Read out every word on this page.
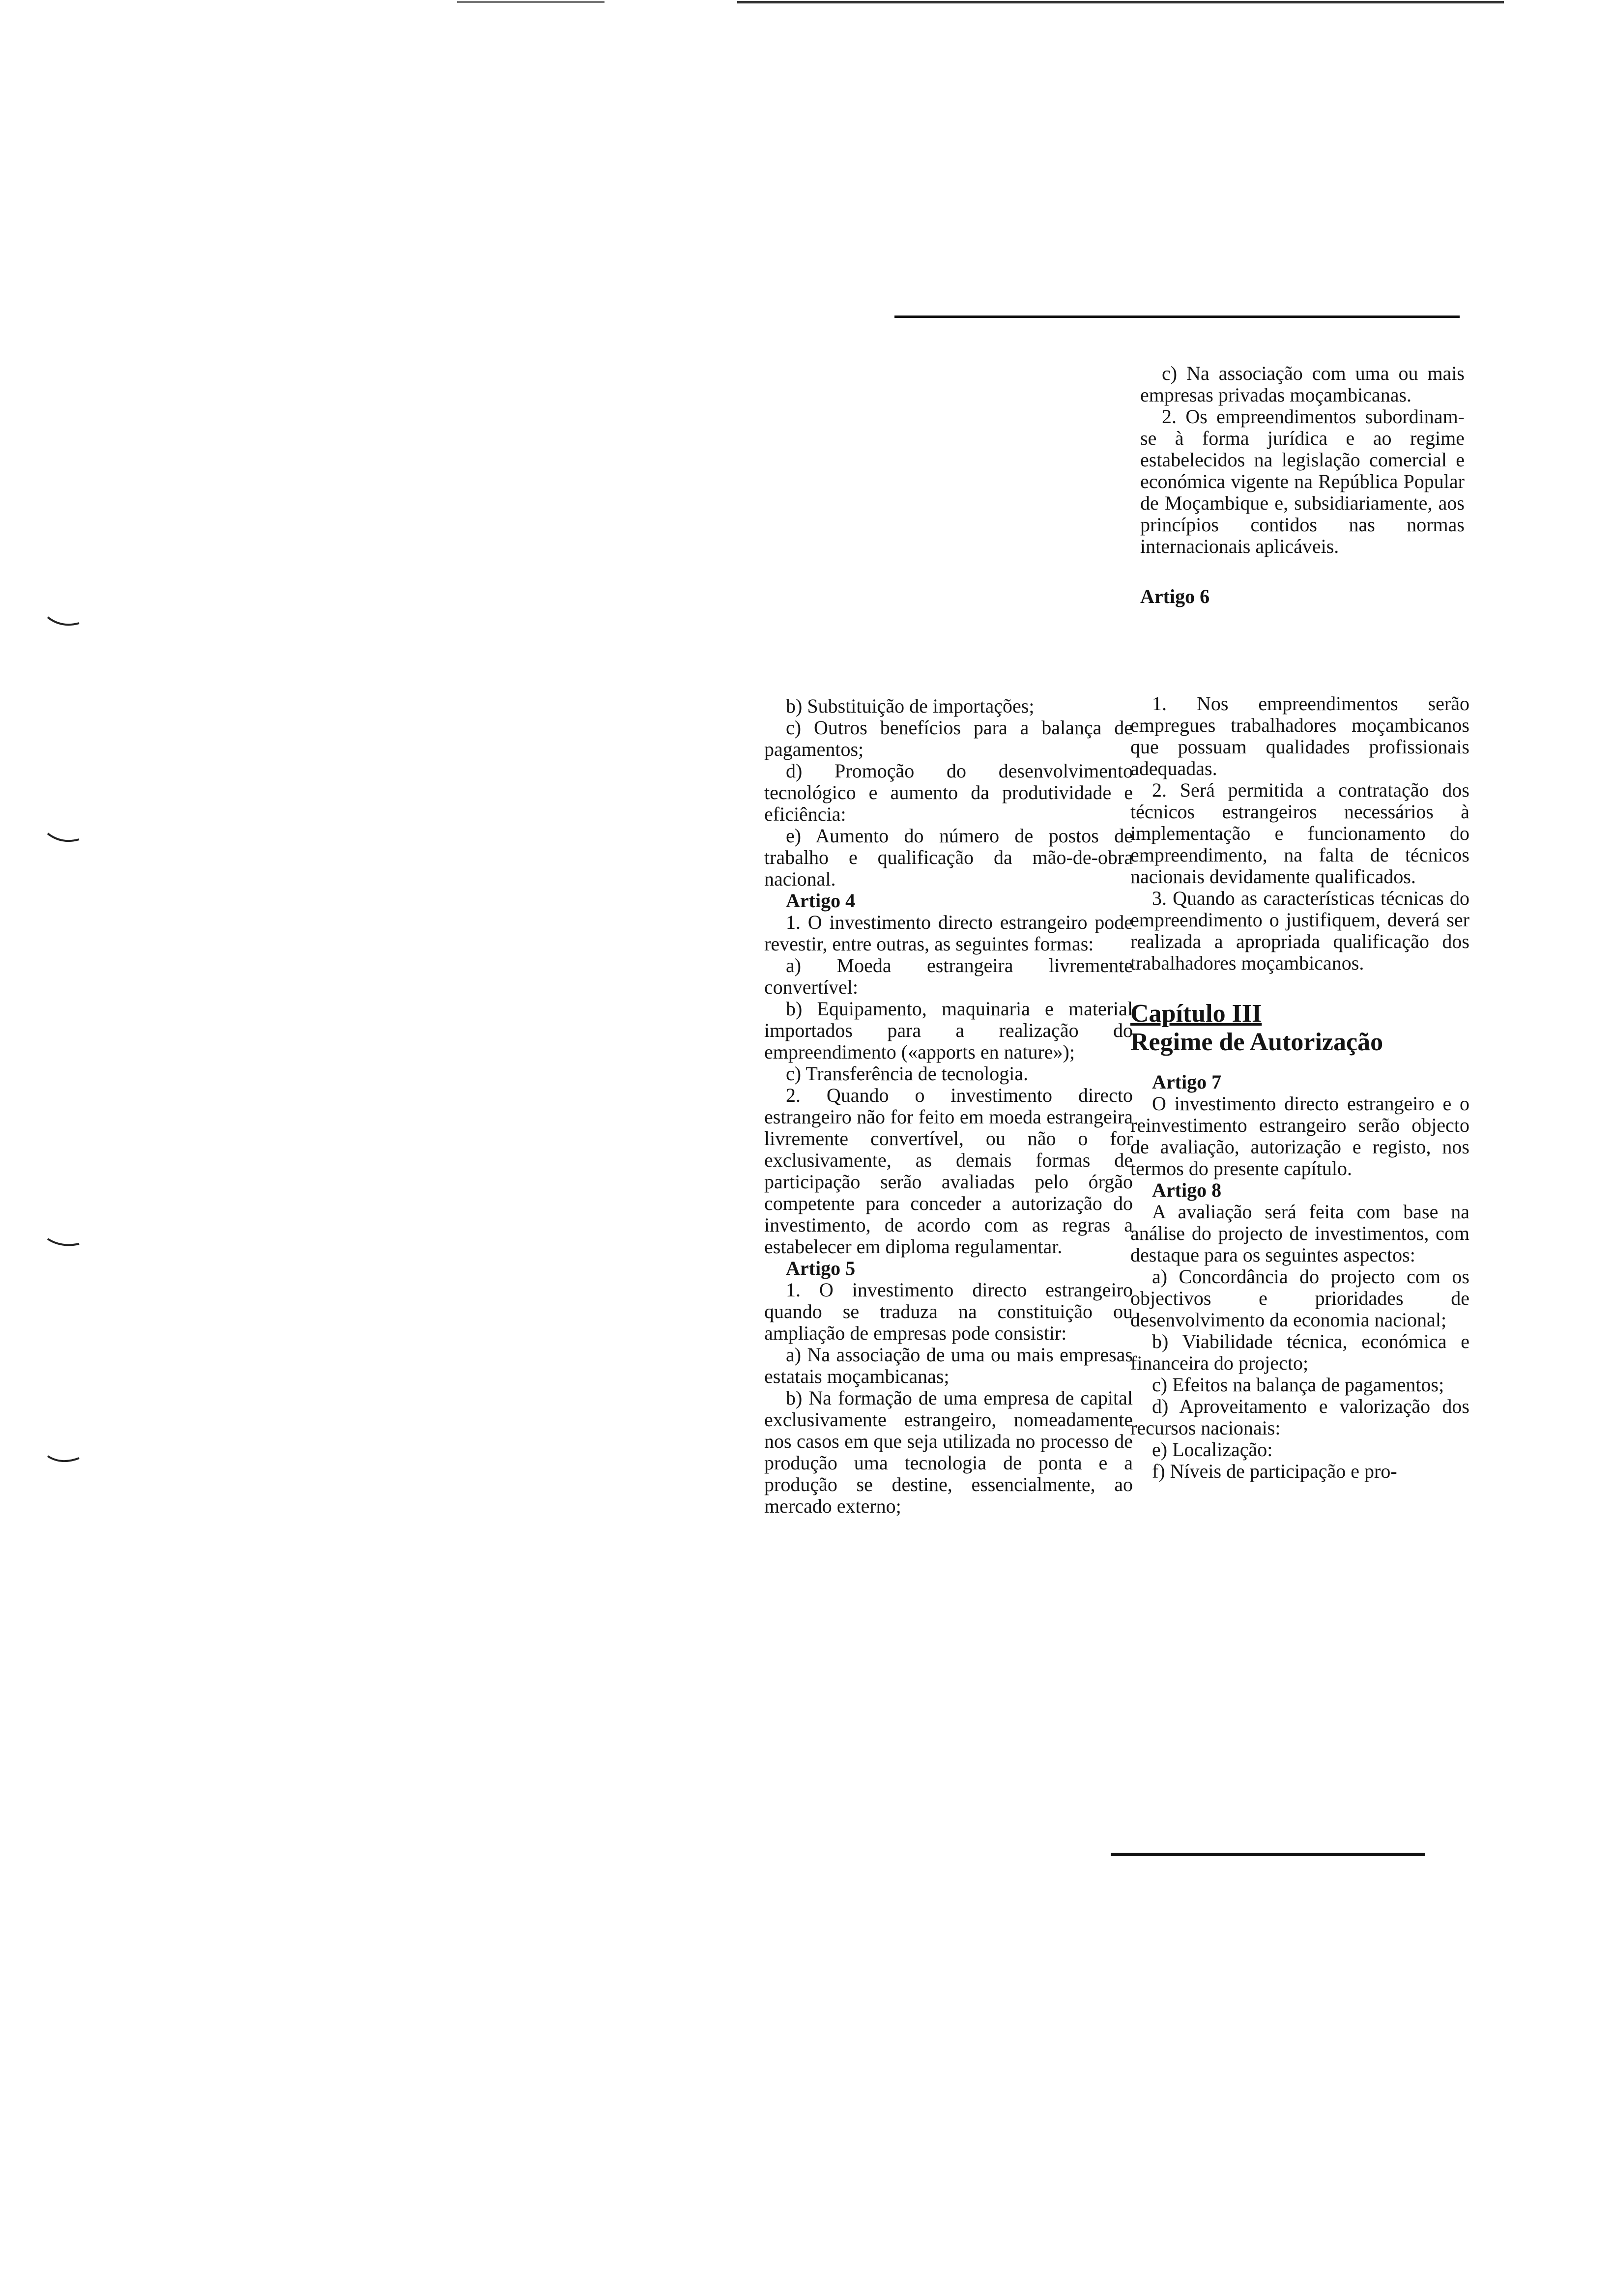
c) Na associação com uma ou mais empresas privadas moçambicanas.

2. Os empreendimentos subordinam-se à forma jurídica e ao regime estabelecidos na legislação comercial e económica vigente na República Popular de Moçambique e, subsidiariamente, aos princípios contidos nas normas internacionais aplicáveis.

Artigo 6

b) Substituição de importações;

c) Outros benefícios para a balança de pagamentos;

d) Promoção do desenvolvimento tecnológico e aumento da produtividade e eficiência:

e) Aumento do número de postos de trabalho e qualificação da mão-de-obra nacional.

Artigo 4

1. O investimento directo estrangeiro pode revestir, entre outras, as seguintes formas:

a) Moeda estrangeira livremente convertível:

b) Equipamento, maquinaria e material importados para a realização do empreendimento («apports en nature»);

c) Transferência de tecnologia.

2. Quando o investimento directo estrangeiro não for feito em moeda estrangeira livremente convertível, ou não o for exclusivamente, as demais formas de participação serão avaliadas pelo órgão competente para conceder a autorização do investimento, de acordo com as regras a estabelecer em diploma regulamentar.

Artigo 5

1. O investimento directo estrangeiro quando se traduza na constituição ou ampliação de empresas pode consistir:

a) Na associação de uma ou mais empresas estatais moçambicanas;

b) Na formação de uma empresa de capital exclusivamente estrangeiro, nomeadamente nos casos em que seja utilizada no processo de produção uma tecnologia de ponta e a produção se destine, essencialmente, ao mercado externo;

1. Nos empreendimentos serão empregues trabalhadores moçambicanos que possuam qualidades profissionais adequadas.

2. Será permitida a contratação dos técnicos estrangeiros necessários à implementação e funcionamento do empreendimento, na falta de técnicos nacionais devidamente qualificados.

3. Quando as características técnicas do empreendimento o justifiquem, deverá ser realizada a apropriada qualificação dos trabalhadores moçambicanos.

Capítulo III
Regime de Autorização

Artigo 7

O investimento directo estrangeiro e o reinvestimento estrangeiro serão objecto de avaliação, autorização e registo, nos termos do presente capítulo.

Artigo 8

A avaliação será feita com base na análise do projecto de investimentos, com destaque para os seguintes aspectos:

a) Concordância do projecto com os objectivos e prioridades de desenvolvimento da economia nacional;

b) Viabilidade técnica, económica e financeira do projecto;

c) Efeitos na balança de pagamentos;

d) Aproveitamento e valorização dos recursos nacionais:

e) Localização:

f) Níveis de participação e pro-
